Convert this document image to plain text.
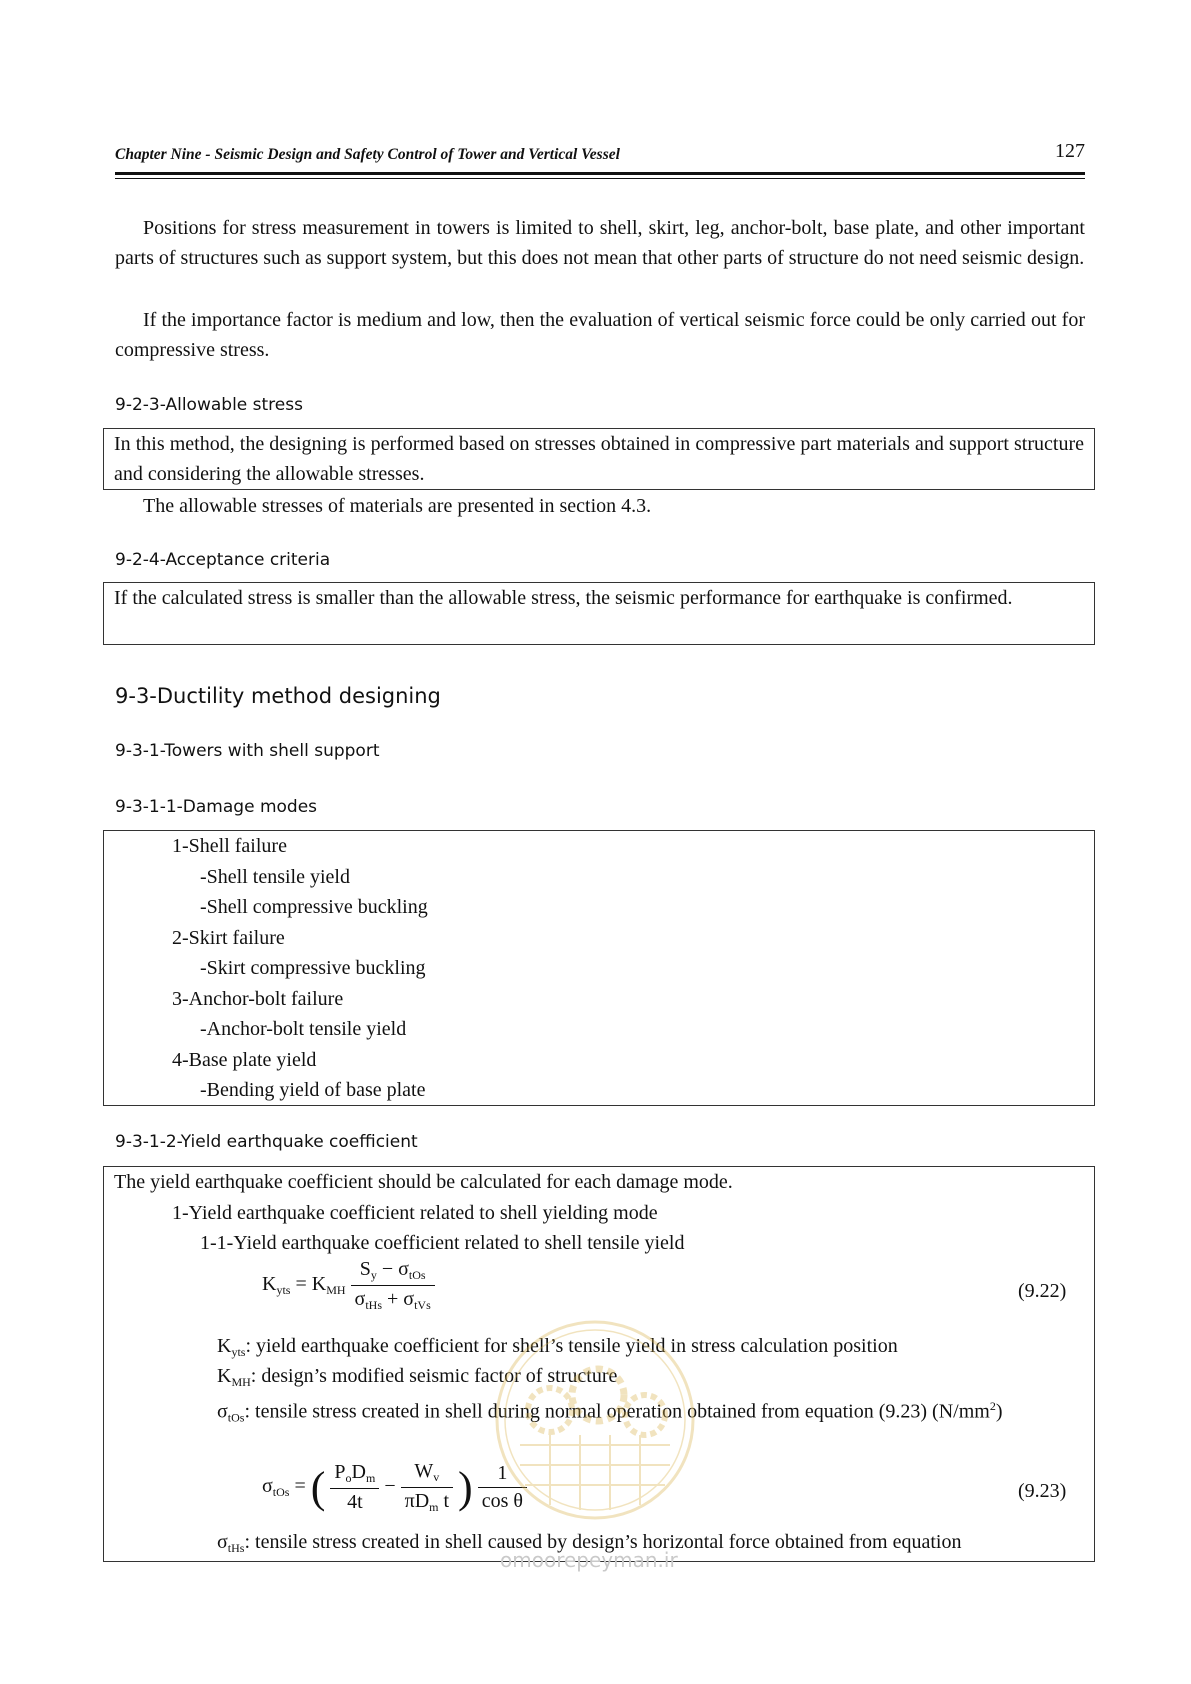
Chapter Nine - Seismic Design and Safety Control of Tower and Vertical Vessel	127
Positions for stress measurement in towers is limited to shell, skirt, leg, anchor-bolt, base plate, and other important parts of structures such as support system, but this does not mean that other parts of structure do not need seismic design.
If the importance factor is medium and low, then the evaluation of vertical seismic force could be only carried out for compressive stress.
9-2-3-Allowable stress

In this method, the designing is performed based on stresses obtained in compressive part materials and support structure and considering the allowable stresses.

The allowable stresses of materials are presented in section 4.3.
9-2-4-Acceptance criteria

If the calculated stress is smaller than the allowable stress, the seismic performance for earthquake is confirmed.

9-3-Ductility method designing
9-3-1-Towers with shell support
9-3-1-1-Damage modes
1-Shell failure
-Shell tensile yield
-Shell compressive buckling
2-Skirt failure
-Skirt compressive buckling
3-Anchor-bolt failure
-Anchor-bolt tensile yield
4-Base plate yield
-Bending yield of base plate
9-3-1-2-Yield earthquake coefficient
The yield earthquake coefficient should be calculated for each damage mode.
1-Yield earthquake coefficient related to shell yielding mode
1-1-Yield earthquake coefficient related to shell tensile yield
$K_{yts} = K_{MH} \frac{S_y - \sigma_{tOs}}{\sigma_{tHs} + \sigma_{tVs}}$	(9.22)
$K_{yts}$: yield earthquake coefficient for shell’s tensile yield in stress calculation position
$K_{MH}$: design’s modified seismic factor of structure
$\sigma_{tOs}$: tensile stress created in shell during normal operation obtained from equation (9.23) $(N/mm^2)$
$\sigma_{tOs}$ = ( $\frac{P_oD_m}{4t} - \frac{W_v}{\pi D_m t}$ ) $\frac{1}{\text{cos θ}}$	(9.23)
$\sigma_{tHs}$: tensile stress created in shell caused by design’s horizontal force obtained from equation
omoorepeyman.ir
